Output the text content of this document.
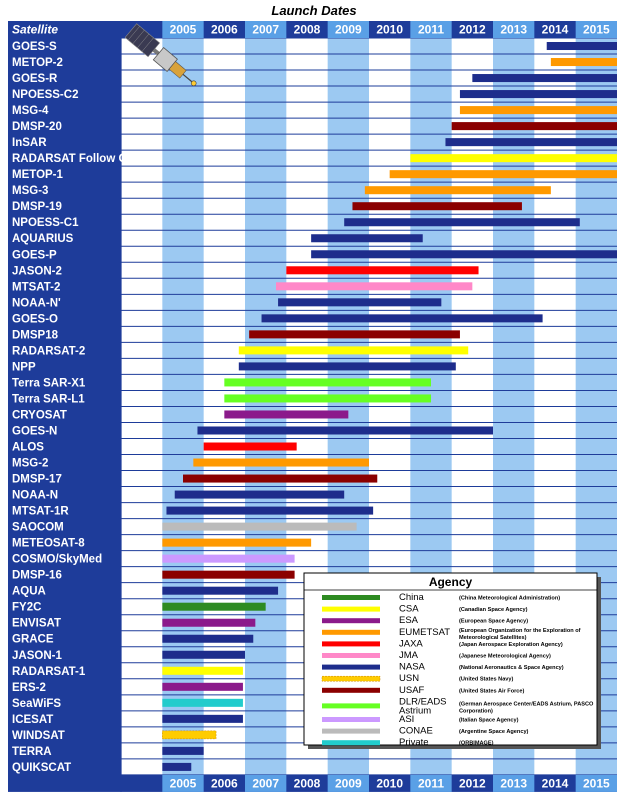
Launch Dates
2005 2006 2007 2008 2009 2010 2011 2012 2013 2014 2015
Satellite
2005 2006 2007 2008 2009 2010 2011 2012 2013 2014 2015
GOES-S
METOP-2
GOES-R
NPOESS-C2
MSG-4
DMSP-20
InSAR
RADARSAT Follow On
METOP-1
MSG-3
DMSP-19
NPOESS-C1
AQUARIUS
GOES-P
JASON-2
MTSAT-2
NOAA-N'
GOES-O
DMSP18
RADARSAT-2
NPP
Terra SAR-X1
Terra SAR-L1
CRYOSAT
GOES-N
ALOS
MSG-2
DMSP-17
NOAA-N
MTSAT-1R
SAOCOM
METEOSAT-8
COSMO/SkyMed
DMSP-16
AQUA
FY2C
ENVISAT
GRACE
JASON-1
RADARSAT-1
ERS-2
SeaWiFS
ICESAT
WINDSAT
TERRA
QUIKSCAT
Agency
China	(China Meteorological Administration)
CSA	(Canadian Space Agency)
ESA	(European Space Agency)
EUMETSAT (European Organization for the Exploration of Meteorological Satellites)
JAXA	(Japan Aerospace Exploration Agency)
JMA	(Japanese Meteorological Agency)
NASA	(National Aeronautics & Space Agency)
USN	(United States Navy)
USAF	(United States Air Force)
DLR/EADS Astrium
(German Aerospace Center/EADS Astrium, PASCO Corporation)
ASI	(Italian Space Agency)
CONAE	(Argentine Space Agency)
Private	(ORBIMAGE)
